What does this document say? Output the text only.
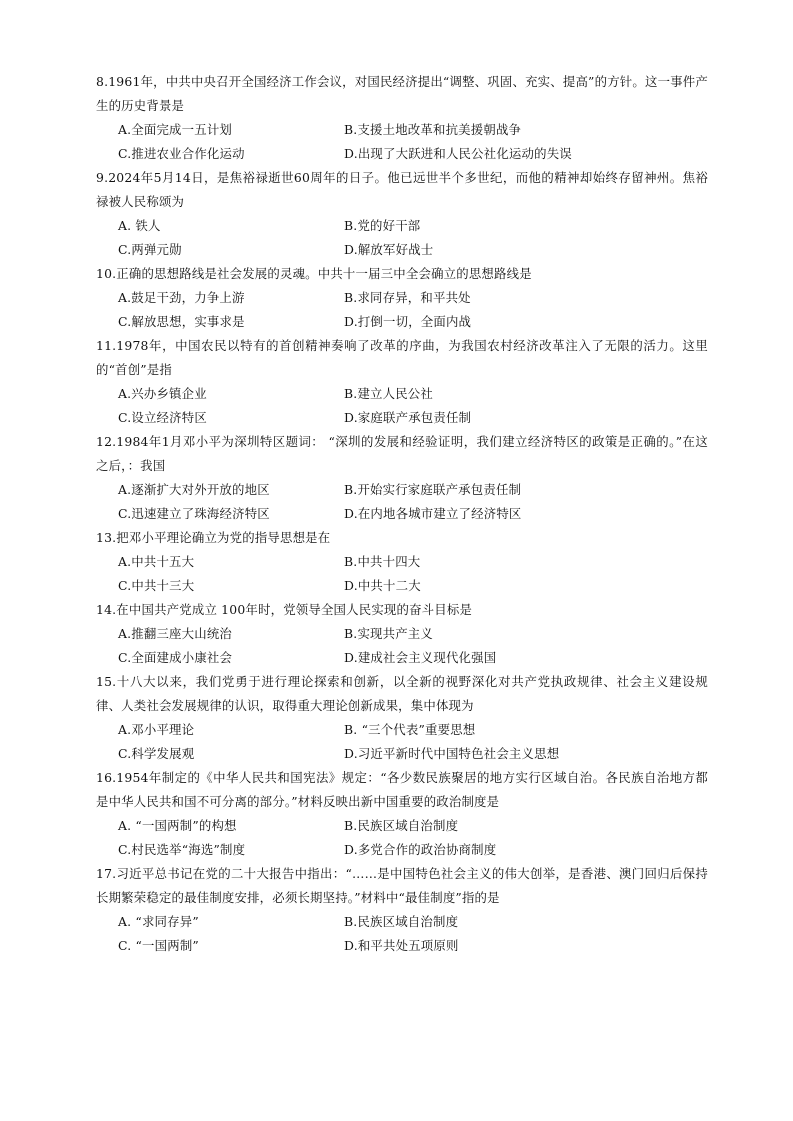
8.1961年，中共中央召开全国经济工作会议，对国民经济提出“调整、巩固、充实、提高”的方针。这一事件产生的历史背景是

A.全面完成一五计划	B.支援土地改革和抗美援朝战争
C.推进农业合作化运动	D.出现了大跃进和人民公社化运动的失误

9.2024年5月14日，是焦裕禄逝世60周年的日子。他已远世半个多世纪，而他的精神却始终存留神州。焦裕禄被人民称颂为

A. 铁人	B.党的好干部
C.两弹元勋	D.解放军好战士

10.正确的思想路线是社会发展的灵魂。中共十一届三中全会确立的思想路线是

A.鼓足干劲，力争上游	B.求同存异，和平共处
C.解放思想，实事求是	D.打倒一切，全面内战

11.1978年，中国农民以特有的首创精神奏响了改革的序曲，为我国农村经济改革注入了无限的活力。这里的“首创”是指

A.兴办乡镇企业	B.建立人民公社
C.设立经济特区	D.家庭联产承包责任制

12.1984年1月邓小平为深圳特区题词： “深圳的发展和经验证明，我们建立经济特区的政策是正确的。”在这之后，：我国

A.逐渐扩大对外开放的地区	B.开始实行家庭联产承包责任制
C.迅速建立了珠海经济特区	D.在内地各城市建立了经济特区

13.把邓小平理论确立为党的指导思想是在

A.中共十五大	B.中共十四大
C.中共十三大	D.中共十二大

14.在中国共产党成立 100年时，党领导全国人民实现的奋斗目标是

A.推翻三座大山统治	B.实现共产主义
C.全面建成小康社会	D.建成社会主义现代化强国

15.十八大以来，我们党勇于进行理论探索和创新，以全新的视野深化对共产党执政规律、社会主义建设规律、人类社会发展规律的认识，取得重大理论创新成果，集中体现为

A.邓小平理论	B. “三个代表”重要思想
C.科学发展观	D.习近平新时代中国特色社会主义思想

16.1954年制定的《中华人民共和国宪法》规定：“各少数民族聚居的地方实行区域自治。各民族自治地方都是中华人民共和国不可分离的部分。”材料反映出新中国重要的政治制度是

A. “一国两制”的构想	B.民族区域自治制度
C.村民选举“海选”制度	D.多党合作的政治协商制度

17.习近平总书记在党的二十大报告中指出：“……是中国特色社会主义的伟大创举，是香港、澳门回归后保持长期繁荣稳定的最佳制度安排，必须长期坚持。”材料中“最佳制度”指的是

A. “求同存异”	B.民族区域自治制度
C. “一国两制”	D.和平共处五项原则
